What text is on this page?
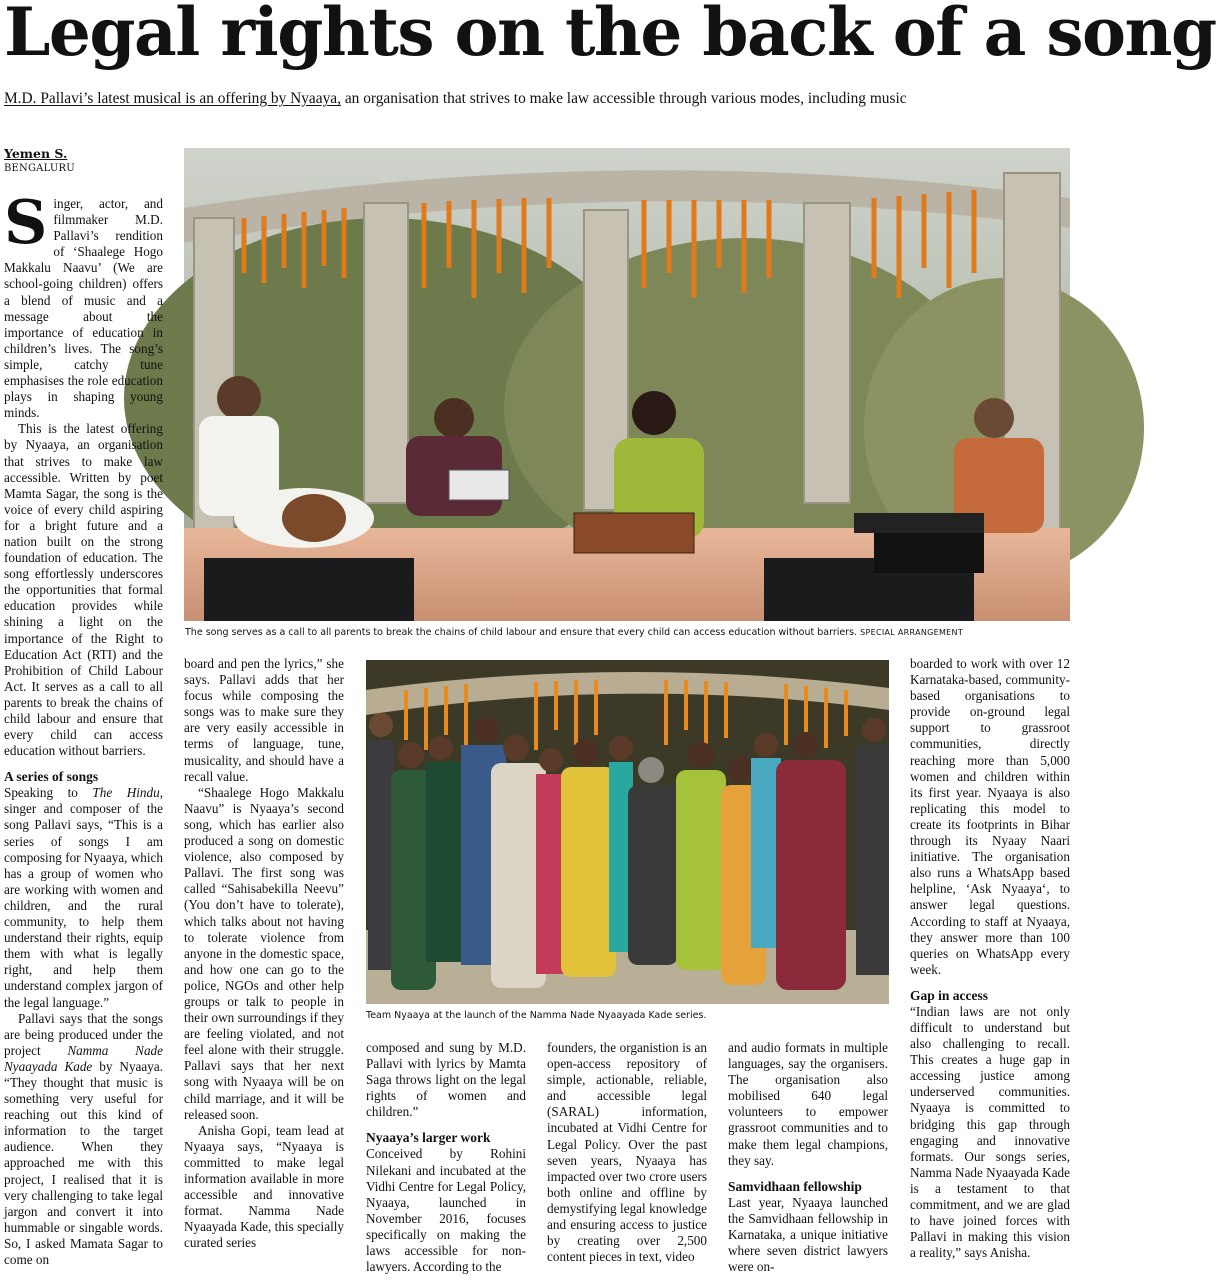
Legal rights on the back of a song
M.D. Pallavi’s latest musical is an offering by Nyaaya, an organisation that strives to make law accessible through various modes, including music
Yemen S.
BENGALURU
The song serves as a call to all parents to break the chains of child labour and ensure that every child can access education without barriers. SPECIAL ARRANGEMENT
Team Nyaaya at the launch of the Namma Nade Nyaayada Kade series.

Singer, actor, and filmmaker M.D. Pallavi’s rendition of ‘Shaalege Hogo Makkalu Naavu’ (We are school-going children) offers a blend of music and a message about the importance of education in children’s lives. The song’s simple, catchy tune emphasises the role education plays in shaping young minds.

This is the latest offering by Nyaaya, an organisation that strives to make law accessible. Written by poet Mamta Sagar, the song is the voice of every child aspiring for a bright future and a nation built on the strong foundation of education. The song effortlessly underscores the opportunities that formal education provides while shining a light on the importance of the Right to Education Act (RTI) and the Prohibition of Child Labour Act. It serves as a call to all parents to break the chains of child labour and ensure that every child can access education without barriers.

A series of songs

Speaking to The Hindu, singer and composer of the song Pallavi says, “This is a series of songs I am composing for Nyaaya, which has a group of women who are working with women and children, and the rural community, to help them understand their rights, equip them with what is legally right, and help them understand complex jargon of the legal language.”

Pallavi says that the songs are being produced under the project Namma Nade Nyaayada Kade by Nyaaya. “They thought that music is something very useful for reaching out this kind of information to the target audience. When they approached me with this project, I realised that it is very challenging to take legal jargon and convert it into hummable or singable words. So, I asked Mamata Sagar to come on

board and pen the lyrics,” she says. Pallavi adds that her focus while composing the songs was to make sure they are very easily accessible in terms of language, tune, musicality, and should have a recall value.

“Shaalege Hogo Makkalu Naavu” is Nyaaya’s second song, which has earlier also produced a song on domestic violence, also composed by Pallavi. The first song was called “Sahisabekilla Neevu” (You don’t have to tolerate), which talks about not having to tolerate violence from anyone in the domestic space, and how one can go to the police, NGOs and other help groups or talk to people in their own surroundings if they are feeling violated, and not feel alone with their struggle. Pallavi says that her next song with Nyaaya will be on child marriage, and it will be released soon.

Anisha Gopi, team lead at Nyaaya says, “Nyaaya is committed to make legal information available in more accessible and innovative format. Namma Nade Nyaayada Kade, this specially curated series

composed and sung by M.D. Pallavi with lyrics by Mamta Saga throws light on the legal rights of women and children.”

Nyaaya’s larger work

Conceived by Rohini Nilekani and incubated at the Vidhi Centre for Legal Policy, Nyaaya, launched in November 2016, focuses specifically on making the laws accessible for non-lawyers. According to the

founders, the organistion is an open-access repository of simple, actionable, reliable, and accessible legal (SARAL) information, incubated at Vidhi Centre for Legal Policy. Over the past seven years, Nyaaya has impacted over two crore users both online and offline by demystifying legal knowledge and ensuring access to justice by creating over 2,500 content pieces in text, video

and audio formats in multiple languages, say the organisers. The organisation also mobilised 640 legal volunteers to empower grassroot communities and to make them legal champions, they say.

Samvidhaan fellowship

Last year, Nyaaya launched the Samvidhaan fellowship in Karnataka, a unique initiative where seven district lawyers were on-

boarded to work with over 12 Karnataka-based, community-based organisations to provide on-ground legal support to grassroot communities, directly reaching more than 5,000 women and children within its first year. Nyaaya is also replicating this model to create its footprints in Bihar through its Nyaay Naari initiative. The organisation also runs a WhatsApp based helpline, ‘Ask Nyaaya‘, to answer legal questions. According to staff at Nyaaya, they answer more than 100 queries on WhatsApp every week.

Gap in access

“Indian laws are not only difficult to understand but also challenging to recall. This creates a huge gap in accessing justice among underserved communities. Nyaaya is committed to bridging this gap through engaging and innovative formats. Our songs series, Namma Nade Nyaayada Kade is a testament to that commitment, and we are glad to have joined forces with Pallavi in making this vision a reality,” says Anisha.
